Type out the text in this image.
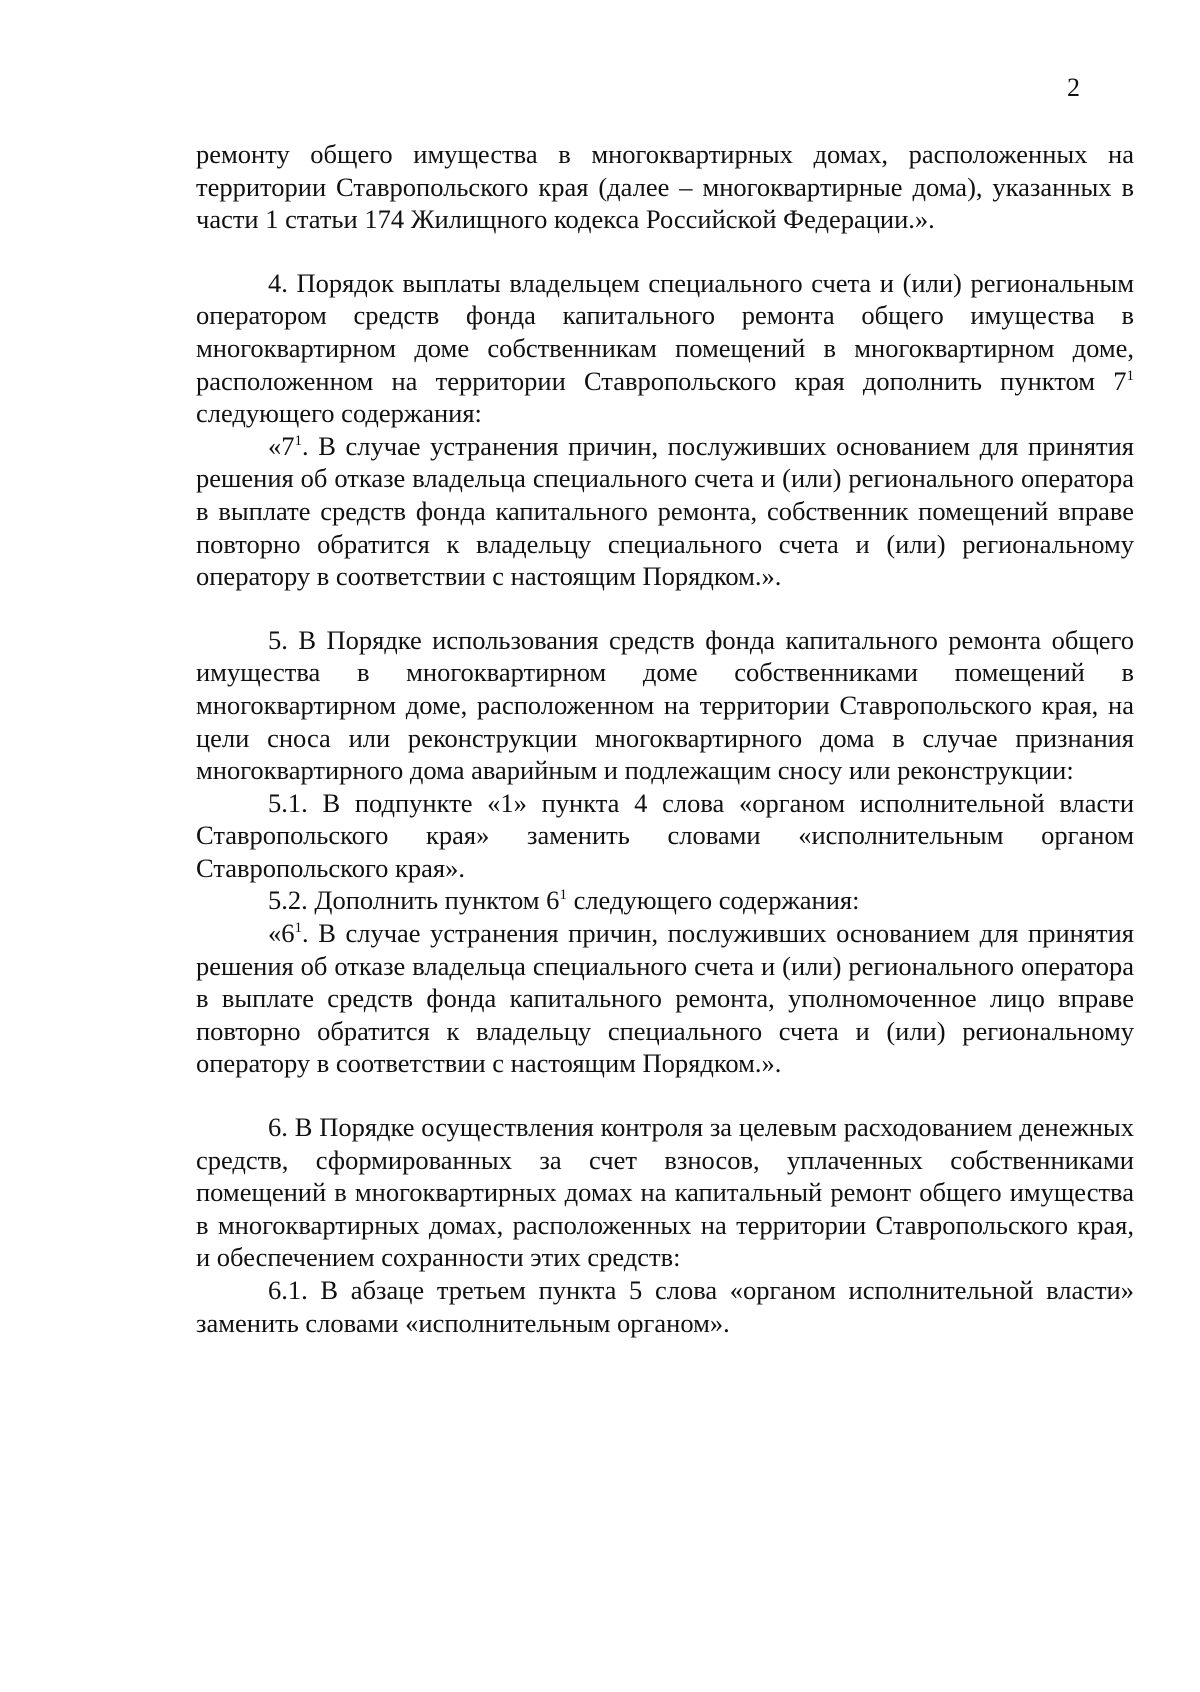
2

ремонту общего имущества в многоквартирных домах, расположенных на территории Ставропольского края (далее – многоквартирные дома), указанных в части 1 статьи 174 Жилищного кодекса Российской Федерации.».

4. Порядок выплаты владельцем специального счета и (или) региональным оператором средств фонда капитального ремонта общего имущества в многоквартирном доме собственникам помещений в многоквартирном доме, расположенном на территории Ставропольского края дополнить пунктом $7^1$ следующего содержания:

«$7^1$. В случае устранения причин, послуживших основанием для принятия решения об отказе владельца специального счета и (или) регионального оператора в выплате средств фонда капитального ремонта, собственник помещений вправе повторно обратится к владельцу специального счета и (или) региональному оператору в соответствии с настоящим Порядком.».

5. В Порядке использования средств фонда капитального ремонта общего имущества в многоквартирном доме собственниками помещений в многоквартирном доме, расположенном на территории Ставропольского края, на цели сноса или реконструкции многоквартирного дома в случае признания многоквартирного дома аварийным и подлежащим сносу или реконструкции:

5.1. В подпункте «1» пункта 4 слова «органом исполнительной власти Ставропольского края» заменить словами «исполнительным органом Ставропольского края».

5.2. Дополнить пунктом $6^1$ следующего содержания:

«$6^1$. В случае устранения причин, послуживших основанием для принятия решения об отказе владельца специального счета и (или) регионального оператора в выплате средств фонда капитального ремонта, уполномоченное лицо вправе повторно обратится к владельцу специального счета и (или) региональному оператору в соответствии с настоящим Порядком.».

6. В Порядке осуществления контроля за целевым расходованием денежных средств, сформированных за счет взносов, уплаченных собственниками помещений в многоквартирных домах на капитальный ремонт общего имущества в многоквартирных домах, расположенных на территории Ставропольского края, и обеспечением сохранности этих средств:

6.1. В абзаце третьем пункта 5 слова «органом исполнительной власти» заменить словами «исполнительным органом».
